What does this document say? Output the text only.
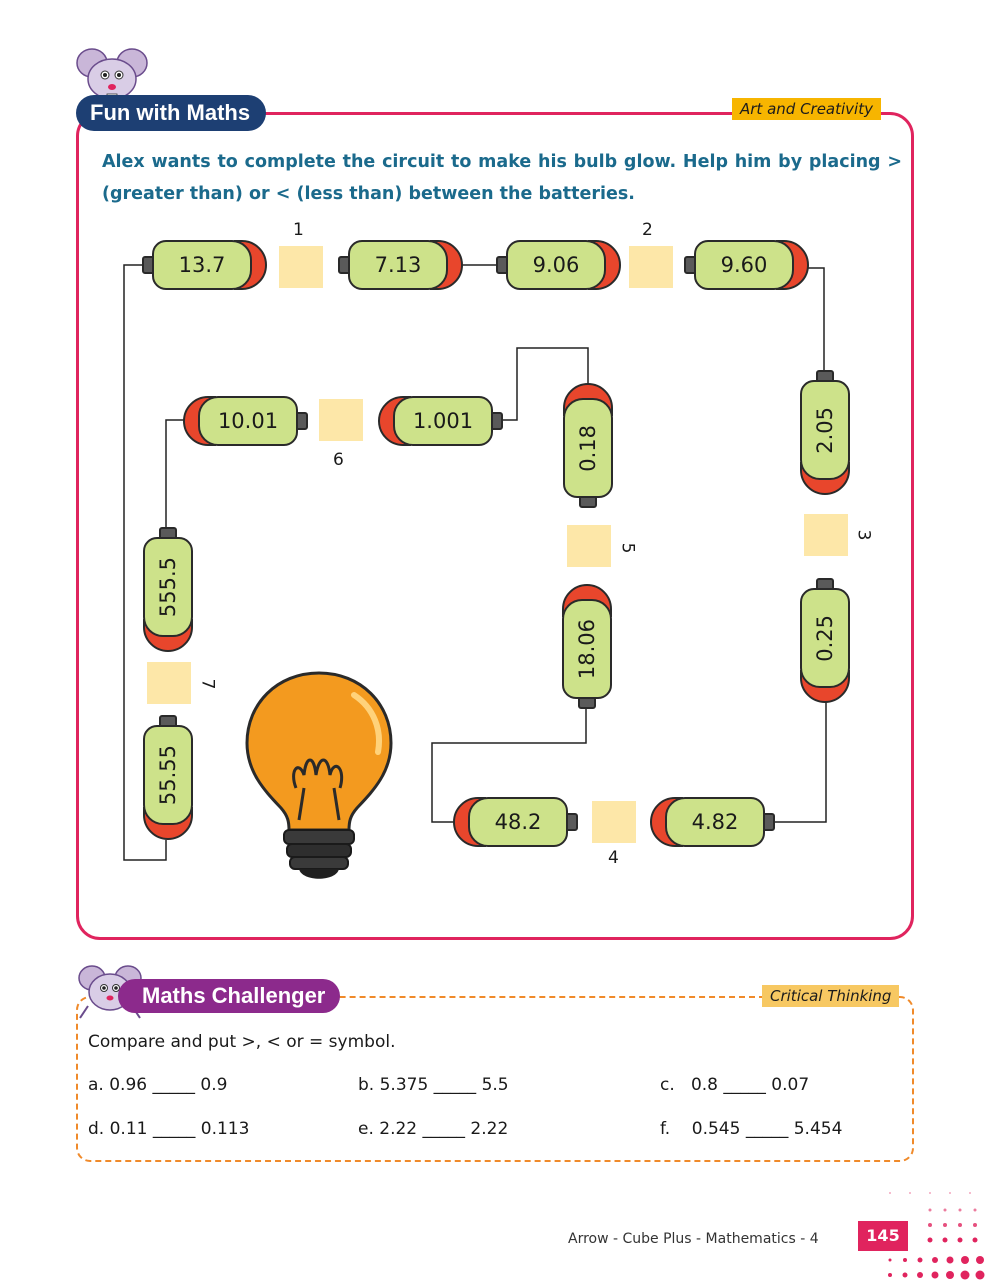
Fun with Maths	Art and Creativity
Alex wants to complete the circuit to make his bulb glow. Help him by placing > (greater than) or < (less than) between the batteries.
13.7	7.13	9.06	9.60
2.05
0.25
4.82
48.2
18.06
0.18
1.001
10.01
555.5
55.55
1	2
3
4
5
6
7
Maths Challenger	Critical Thinking
Compare and put >, < or = symbol.
a. 0.96 _____ 0.9	b. 5.375 _____ 5.5	c.   0.8 _____ 0.07
d. 0.11 _____ 0.113	e. 2.22 _____ 2.22	f.    0.545 _____ 5.454
Arrow - Cube Plus - Mathematics - 4	145
